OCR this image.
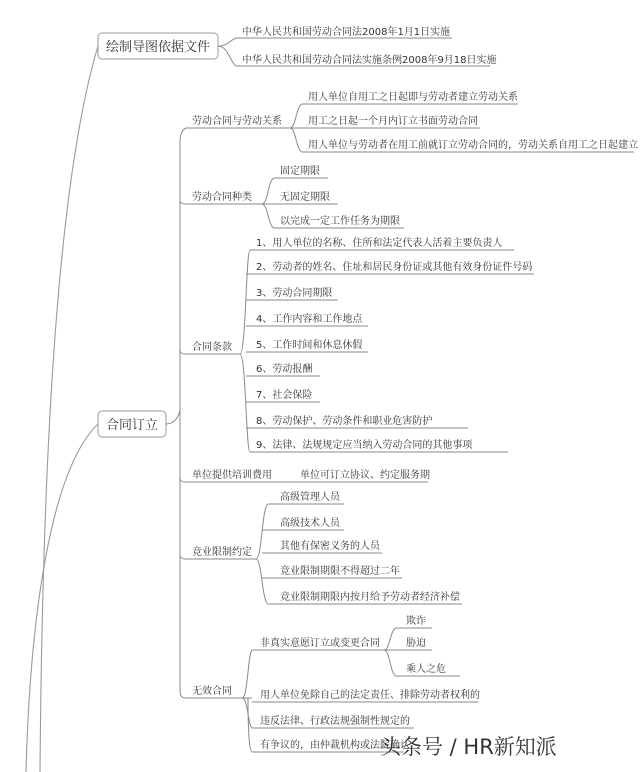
绘制导图依据文件
中华人民共和国劳动合同法2008年1月1日实施
中华人民共和国劳动合同法实施条例2008年9月18日实施
合同订立
劳动合同与劳动关系
用人单位自用工之日起即与劳动者建立劳动关系
用工之日起一个月内订立书面劳动合同
用人单位与劳动者在用工前就订立劳动合同的，劳动关系自用工之日起建立
劳动合同种类
固定期限
无固定期限
以完成一定工作任务为期限
合同条款
1、用人单位的名称、住所和法定代表人活着主要负责人
2、劳动者的姓名、住址和居民身份证或其他有效身份证件号码
3、劳动合同期限
4、工作内容和工作地点
5、工作时间和休息休假
6、劳动报酬
7、社会保险
8、劳动保护、劳动条件和职业危害防护
9、法律、法规规定应当纳入劳动合同的其他事项
单位提供培训费用	单位可订立协议、约定服务期
竞业限制约定
高级管理人员
高级技术人员
其他有保密义务的人员
竞业限制期限不得超过二年
竞业限制期限内按月给予劳动者经济补偿
无效合同
非真实意愿订立或变更合同
欺诈
胁迫
乘人之危
用人单位免除自己的法定责任、排除劳动者权利的
违反法律、行政法规强制性规定的
有争议的，由仲裁机构或法院确认
头条号 / HR新知派
